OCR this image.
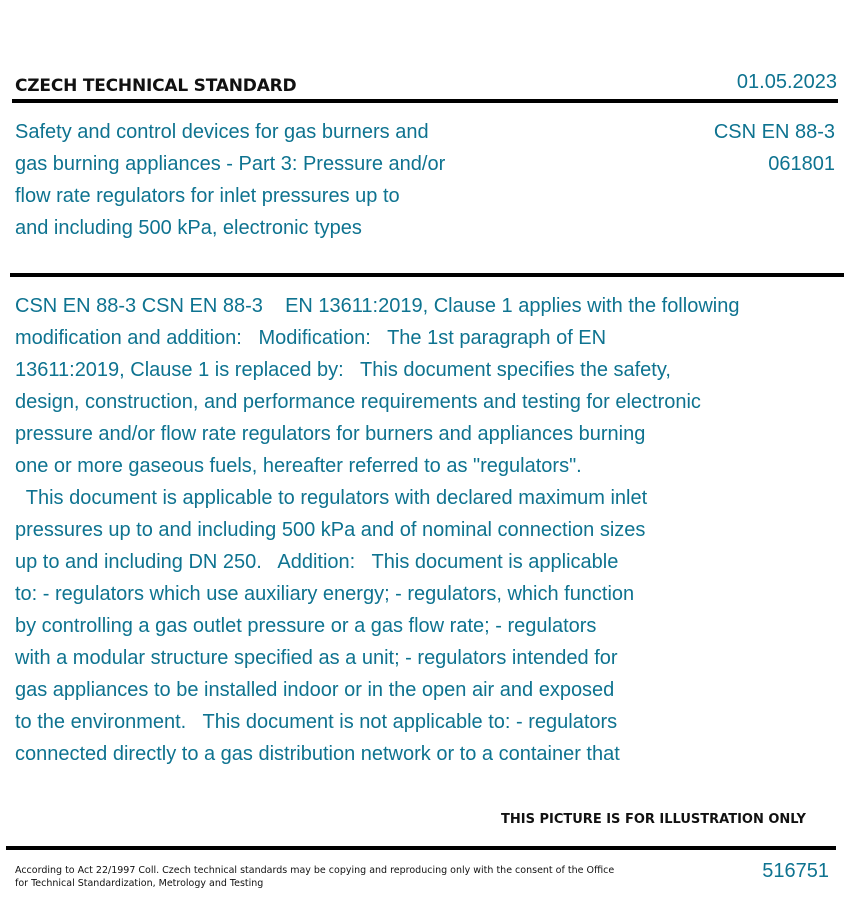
CZECH TECHNICAL STANDARD	01.05.2023
Safety and control devices for gas burners and
gas burning appliances - Part 3: Pressure and/or
flow rate regulators for inlet pressures up to
and including 500 kPa, electronic types
CSN EN 88-3
061801
CSN EN 88-3 CSN EN 88-3    EN 13611:2019, Clause 1 applies with the following
modification and addition:   Modification:   The 1st paragraph of EN
13611:2019, Clause 1 is replaced by:   This document specifies the safety,
design, construction, and performance requirements and testing for electronic
pressure and/or flow rate regulators for burners and appliances burning
one or more gaseous fuels, hereafter referred to as "regulators".
This document is applicable to regulators with declared maximum inlet
pressures up to and including 500 kPa and of nominal connection sizes
up to and including DN 250.   Addition:   This document is applicable
to: - regulators which use auxiliary energy; - regulators, which function
by controlling a gas outlet pressure or a gas flow rate; - regulators
with a modular structure specified as a unit; - regulators intended for
gas appliances to be installed indoor or in the open air and exposed
to the environment.   This document is not applicable to: - regulators
connected directly to a gas distribution network or to a container that
THIS PICTURE IS FOR ILLUSTRATION ONLY
According to Act 22/1997 Coll. Czech technical standards may be copying and reproducing only with the consent of the Office
for Technical Standardization, Metrology and Testing
516751
